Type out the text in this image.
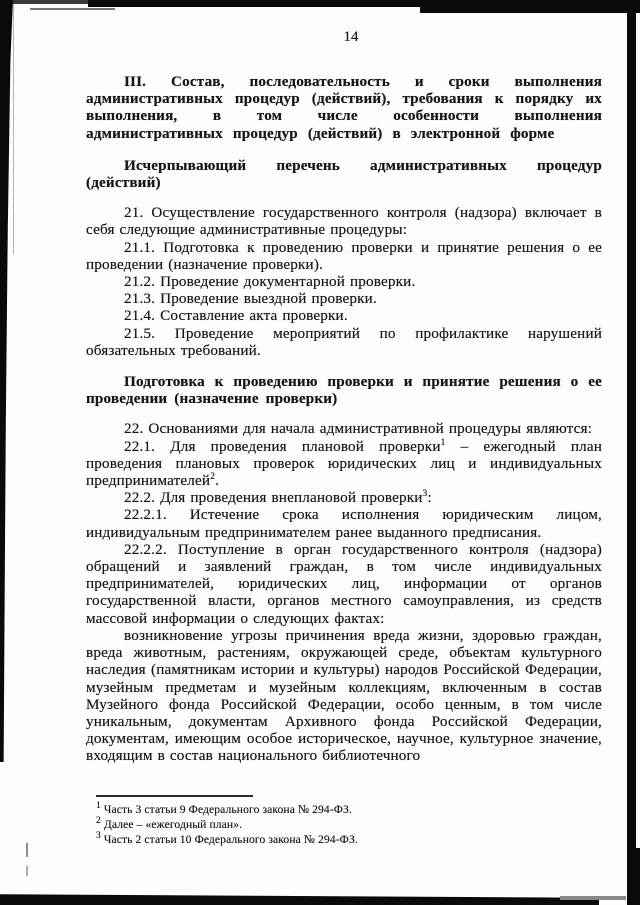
14

III. Состав, последовательность и сроки выполнения административных процедур (действий), требования к порядку их выполнения, в том числе особенности выполнения административных процедур (действий) в электронной форме

Исчерпывающий перечень административных процедур (действий)

21. Осуществление государственного контроля (надзора) включает в себя следующие административные процедуры:

21.1. Подготовка к проведению проверки и принятие решения о ее проведении (назначение проверки).

21.2. Проведение документарной проверки.

21.3. Проведение выездной проверки.

21.4. Составление акта проверки.

21.5. Проведение мероприятий по профилактике нарушений обязательных требований.

Подготовка к проведению проверки и принятие решения о ее проведении (назначение проверки)

22. Основаниями для начала административной процедуры являются:

22.1. Для проведения плановой проверки$^1$ – ежегодный план проведения плановых проверок юридических лиц и индивидуальных предпринимателей$^2$.

22.2. Для проведения внеплановой проверки$^3$:

22.2.1. Истечение срока исполнения юридическим лицом, индивидуальным предпринимателем ранее выданного предписания.

22.2.2. Поступление в орган государственного контроля (надзора) обращений и заявлений граждан, в том числе индивидуальных предпринимателей, юридических лиц, информации от органов государственной власти, органов местного самоуправления, из средств массовой информации о следующих фактах:

возникновение угрозы причинения вреда жизни, здоровью граждан, вреда животным, растениям, окружающей среде, объектам культурного наследия (памятникам истории и культуры) народов Российской Федерации, музейным предметам и музейным коллекциям, включенным в состав Музейного фонда Российской Федерации, особо ценным, в том числе уникальным, документам Архивного фонда Российской Федерации, документам, имеющим особое историческое, научное, культурное значение, входящим в состав национального библиотечного

$^1$ Часть 3 статьи 9 Федерального закона № 294-ФЗ.
$^2$ Далее – «ежегодный план».
$^3$ Часть 2 статьи 10 Федерального закона № 294-ФЗ.
